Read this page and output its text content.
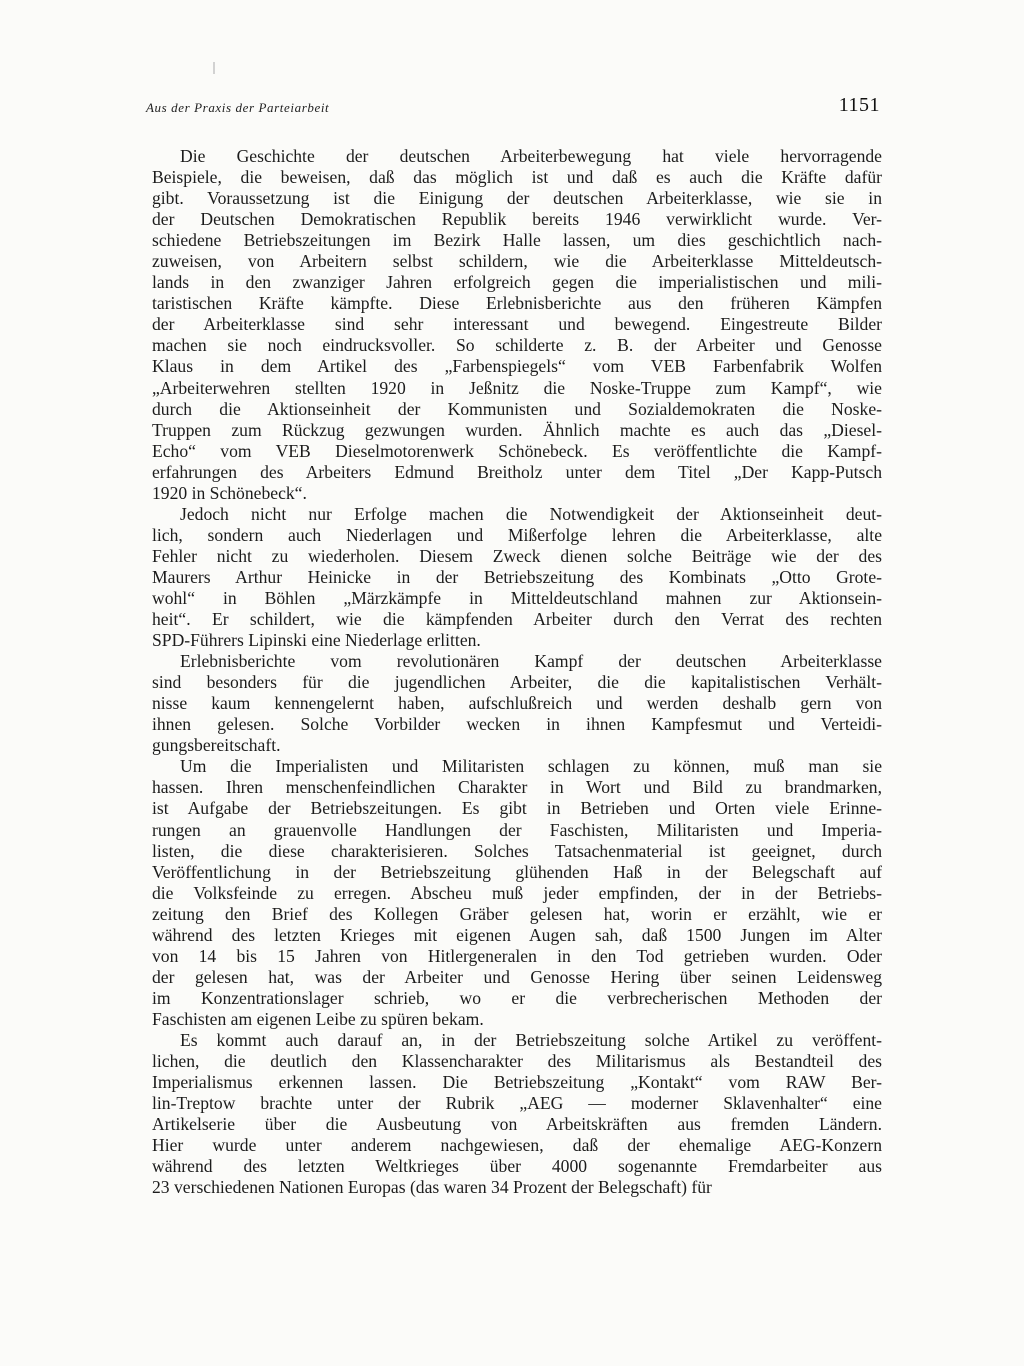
Aus der Praxis der Parteiarbeit	1151
Die Geschichte der deutschen Arbeiterbewegung hat viele hervorragende
Beispiele, die beweisen, daß das möglich ist und daß es auch die Kräfte dafür
gibt. Voraussetzung ist die Einigung der deutschen Arbeiterklasse, wie sie in
der Deutschen Demokratischen Republik bereits 1946 verwirklicht wurde. Ver-
schiedene Betriebszeitungen im Bezirk Halle lassen, um dies geschichtlich nach-
zuweisen, von Arbeitern selbst schildern, wie die Arbeiterklasse Mitteldeutsch-
lands in den zwanziger Jahren erfolgreich gegen die imperialistischen und mili-
taristischen Kräfte kämpfte. Diese Erlebnisberichte aus den früheren Kämpfen
der Arbeiterklasse sind sehr interessant und bewegend. Eingestreute Bilder
machen sie noch eindrucksvoller. So schilderte z. B. der Arbeiter und Genosse
Klaus in dem Artikel des „Farbenspiegels“ vom VEB Farbenfabrik Wolfen
„Arbeiterwehren stellten 1920 in Jeßnitz die Noske-Truppe zum Kampf“, wie
durch die Aktionseinheit der Kommunisten und Sozialdemokraten die Noske-
Truppen zum Rückzug gezwungen wurden. Ähnlich machte es auch das „Diesel-
Echo“ vom VEB Dieselmotorenwerk Schönebeck. Es veröffentlichte die Kampf-
erfahrungen des Arbeiters Edmund Breitholz unter dem Titel „Der Kapp-Putsch
1920 in Schönebeck“.
Jedoch nicht nur Erfolge machen die Notwendigkeit der Aktionseinheit deut-
lich, sondern auch Niederlagen und Mißerfolge lehren die Arbeiterklasse, alte
Fehler nicht zu wiederholen. Diesem Zweck dienen solche Beiträge wie der des
Maurers Arthur Heinicke in der Betriebszeitung des Kombinats „Otto Grote-
wohl“ in Böhlen „Märzkämpfe in Mitteldeutschland mahnen zur Aktionsein-
heit“. Er schildert, wie die kämpfenden Arbeiter durch den Verrat des rechten
SPD-Führers Lipinski eine Niederlage erlitten.
Erlebnisberichte vom revolutionären Kampf der deutschen Arbeiterklasse
sind besonders für die jugendlichen Arbeiter, die die kapitalistischen Verhält-
nisse kaum kennengelernt haben, aufschlußreich und werden deshalb gern von
ihnen gelesen. Solche Vorbilder wecken in ihnen Kampfesmut und Verteidi-
gungsbereitschaft.
Um die Imperialisten und Militaristen schlagen zu können, muß man sie
hassen. Ihren menschenfeindlichen Charakter in Wort und Bild zu brandmarken,
ist Aufgabe der Betriebszeitungen. Es gibt in Betrieben und Orten viele Erinne-
rungen an grauenvolle Handlungen der Faschisten, Militaristen und Imperia-
listen, die diese charakterisieren. Solches Tatsachenmaterial ist geeignet, durch
Veröffentlichung in der Betriebszeitung glühenden Haß in der Belegschaft auf
die Volksfeinde zu erregen. Abscheu muß jeder empfinden, der in der Betriebs-
zeitung den Brief des Kollegen Gräber gelesen hat, worin er erzählt, wie er
während des letzten Krieges mit eigenen Augen sah, daß 1500 Jungen im Alter
von 14 bis 15 Jahren von Hitlergeneralen in den Tod getrieben wurden. Oder
der gelesen hat, was der Arbeiter und Genosse Hering über seinen Leidensweg
im Konzentrationslager schrieb, wo er die verbrecherischen Methoden der
Faschisten am eigenen Leibe zu spüren bekam.
Es kommt auch darauf an, in der Betriebszeitung solche Artikel zu veröffent-
lichen, die deutlich den Klassencharakter des Militarismus als Bestandteil des
Imperialismus erkennen lassen. Die Betriebszeitung „Kontakt“ vom RAW Ber-
lin-Treptow brachte unter der Rubrik „AEG — moderner Sklavenhalter“ eine
Artikelserie über die Ausbeutung von Arbeitskräften aus fremden Ländern.
Hier wurde unter anderem nachgewiesen, daß der ehemalige AEG-Konzern
während des letzten Weltkrieges über 4000 sogenannte Fremdarbeiter aus
23 verschiedenen Nationen Europas (das waren 34 Prozent der Belegschaft) für
